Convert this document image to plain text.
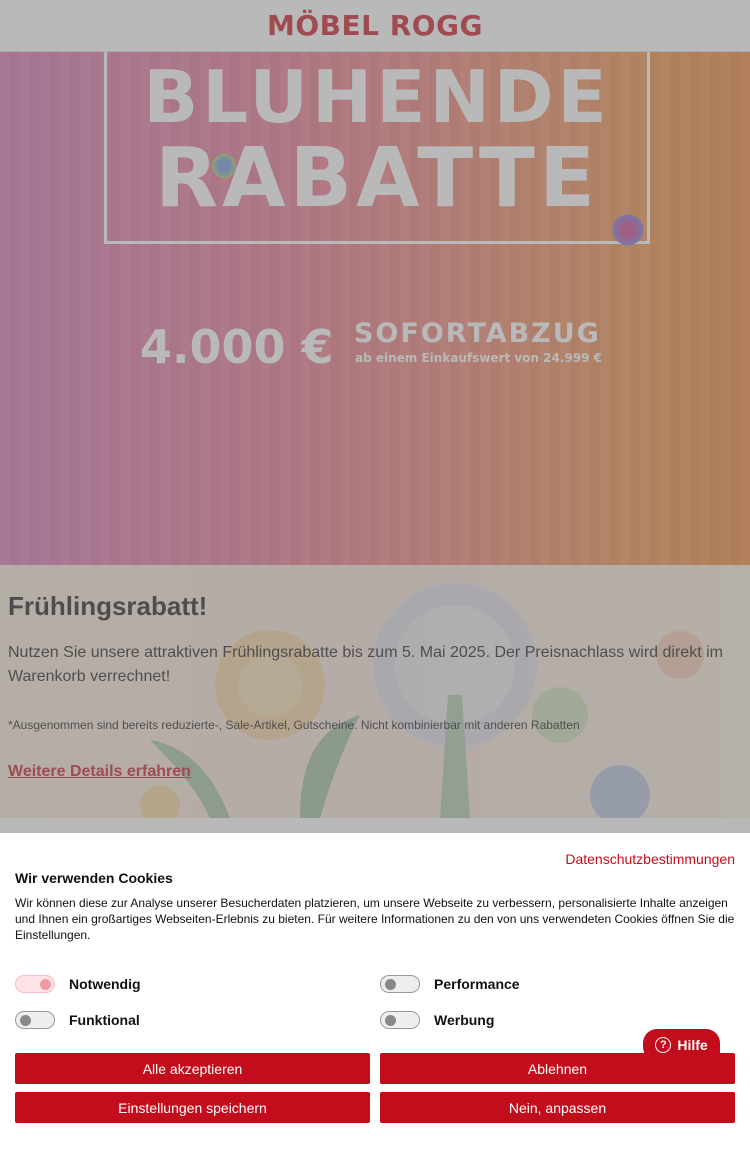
Datenschutzbestimmungen
Wir verwenden Cookies
Wir können diese zur Analyse unserer Besucherdaten platzieren, um unsere Webseite zu verbessern, personalisierte Inhalte anzeigen und Ihnen ein großartiges Webseiten-Erlebnis zu bieten. Für weitere Informationen zu den von uns verwendeten Cookies öffnen Sie die Einstellungen.
Notwendig	Performance
Funktional	Werbung
Alle akzeptieren	Ablehnen
Einstellungen speichern	Nein, anpassen
? Hilfe
